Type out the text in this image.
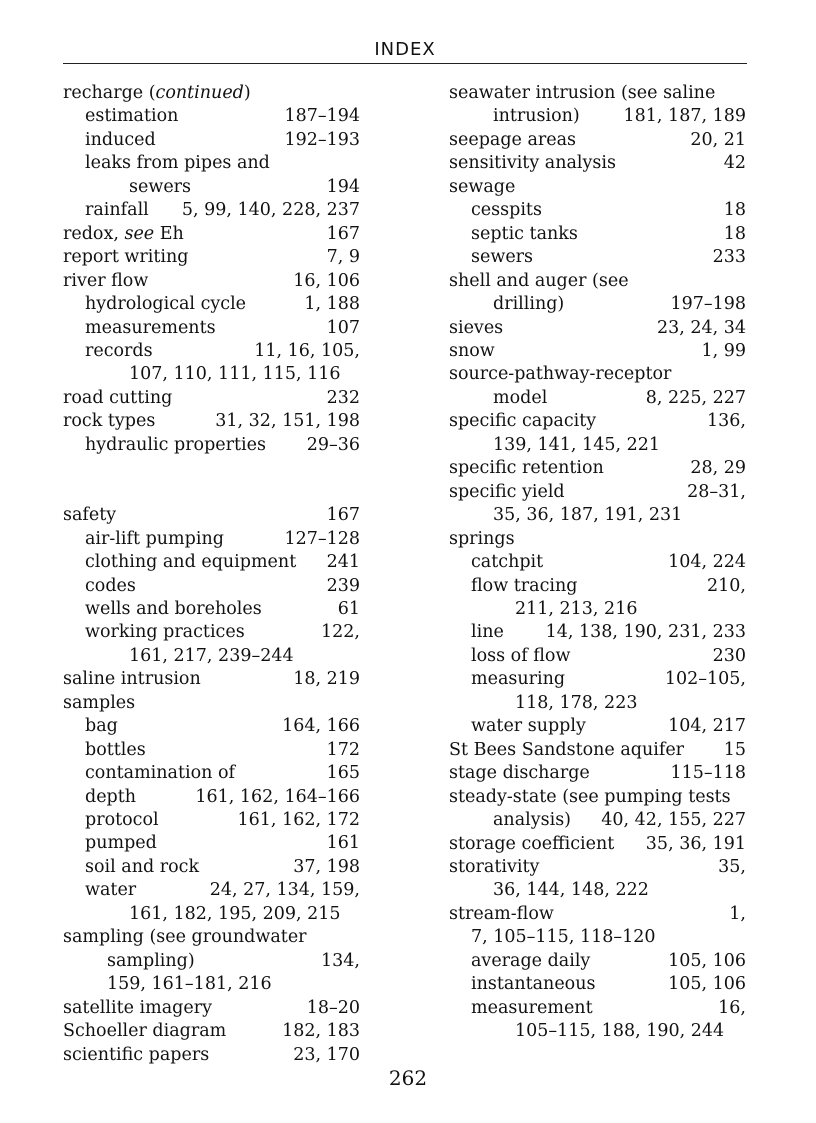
INDEX
recharge (continued)
estimation	187–194
induced	192–193
leaks from pipes and
sewers	194
rainfall 5, 99, 140, 228, 237
redox, see Eh	167
report writing	7, 9
river flow	16, 106
hydrological cycle	1, 188
measurements	107
records	11, 16, 105,
107, 110, 111, 115, 116
road cutting	232
rock types	31, 32, 151, 198
hydraulic properties 29–36
safety	167
air-lift pumping	127–128
clothing and equipment 241
codes	239
wells and boreholes	61
working practices	122,
161, 217, 239–244
saline intrusion	18, 219
samples
bag	164, 166
bottles	172
contamination of	165
depth	161, 162, 164–166
protocol	161, 162, 172
pumped	161
soil and rock	37, 198
water	24, 27, 134, 159,
161, 182, 195, 209, 215
sampling (see groundwater
sampling)	134,
159, 161–181, 216
satellite imagery	18–20
Schoeller diagram	182, 183
scientific papers	23, 170
seawater intrusion (see saline
intrusion)	181, 187, 189
seepage areas	20, 21
sensitivity analysis	42
sewage
cesspits	18
septic tanks	18
sewers	233
shell and auger (see
drilling)	197–198
sieves	23, 24, 34
snow	1, 99
source-pathway-receptor
model	8, 225, 227
specific capacity	136,
139, 141, 145, 221
specific retention	28, 29
specific yield	28–31,
35, 36, 187, 191, 231
springs
catchpit	104, 224
flow tracing	210,
211, 213, 216
line 14, 138, 190, 231, 233
loss of flow	230
measuring	102–105,
118, 178, 223
water supply	104, 217
St Bees Sandstone aquifer 15
stage discharge	115–118
steady-state (see pumping tests
analysis) 40, 42, 155, 227
storage coefficient 35, 36, 191
storativity	35,
36, 144, 148, 222
stream-flow	1,
7, 105–115, 118–120
average daily	105, 106
instantaneous	105, 106
measurement	16,
105–115, 188, 190, 244
262
